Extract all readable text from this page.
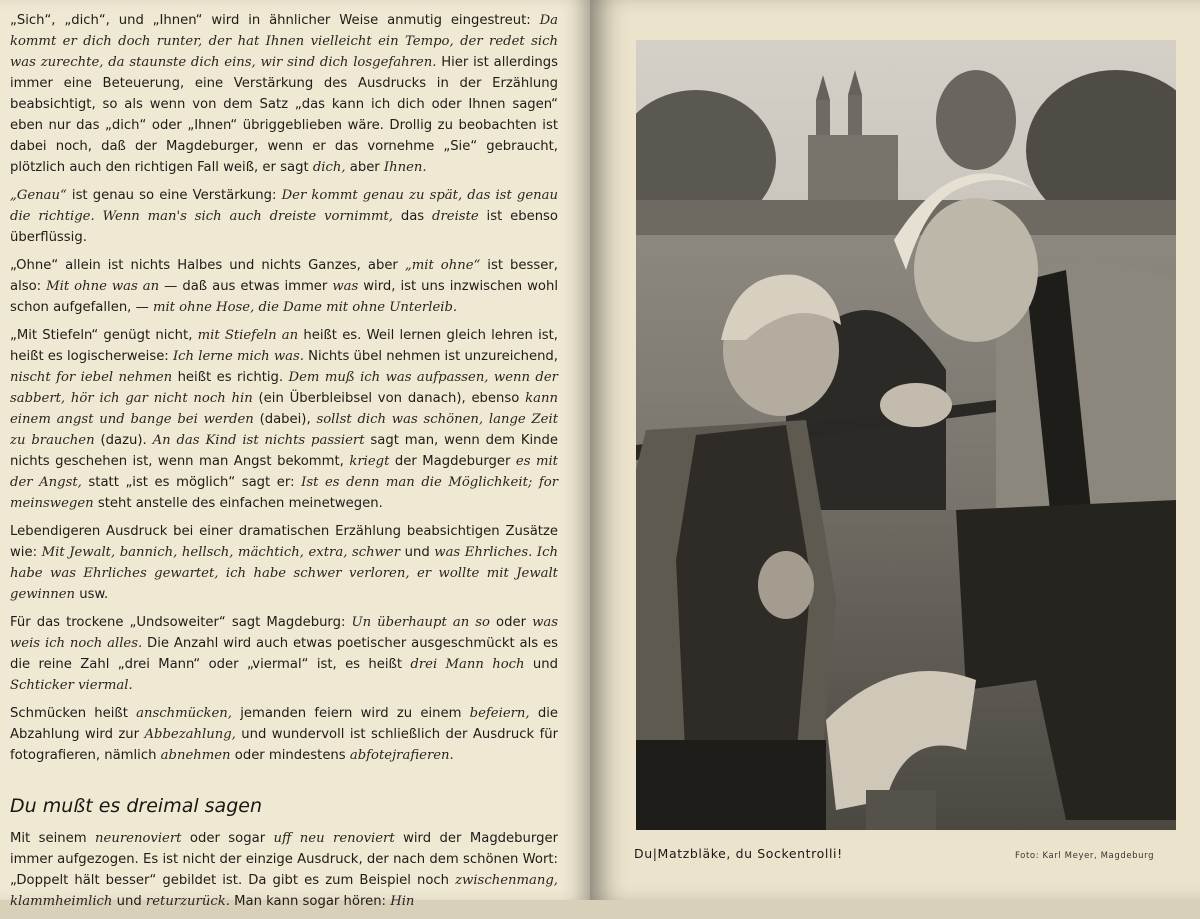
„Sich“, „dich“, und „Ihnen“ wird in ähnlicher Weise anmutig eingestreut: Da kommt er dich doch runter, der hat Ihnen vielleicht ein Tempo, der redet sich was zurechte, da staunste dich eins, wir sind dich losgefahren. Hier ist allerdings immer eine Beteuerung, eine Verstärkung des Ausdrucks in der Erzählung beabsichtigt, so als wenn von dem Satz „das kann ich dich oder Ihnen sagen“ eben nur das „dich“ oder „Ihnen“ übriggeblieben wäre. Drollig zu beobachten ist dabei noch, daß der Magdeburger, wenn er das vornehme „Sie“ gebraucht, plötzlich auch den richtigen Fall weiß, er sagt dich, aber Ihnen.
„Genau“ ist genau so eine Verstärkung: Der kommt genau zu spät, das ist genau die richtige. Wenn man's sich auch dreiste vornimmt, das dreiste ist ebenso überflüssig.
„Ohne“ allein ist nichts Halbes und nichts Ganzes, aber „mit ohne“ ist besser, also: Mit ohne was an — daß aus etwas immer was wird, ist uns inzwischen wohl schon aufgefallen, — mit ohne Hose, die Dame mit ohne Unterleib.
„Mit Stiefeln“ genügt nicht, mit Stiefeln an heißt es. Weil lernen gleich lehren ist, heißt es logischerweise: Ich lerne mich was. Nichts übel nehmen ist unzureichend, nischt for iebel nehmen heißt es richtig. Dem muß ich was aufpassen, wenn der sabbert, hör ich gar nicht noch hin (ein Überbleibsel von danach), ebenso kann einem angst und bange bei werden (dabei), sollst dich was schönen, lange Zeit zu brauchen (dazu). An das Kind ist nichts passiert sagt man, wenn dem Kinde nichts geschehen ist, wenn man Angst bekommt, kriegt der Magdeburger es mit der Angst, statt „ist es möglich“ sagt er: Ist es denn man die Möglichkeit; for meinswegen steht anstelle des einfachen meinetwegen.
Lebendigeren Ausdruck bei einer dramatischen Erzählung beabsichtigen Zusätze wie: Mit Jewalt, bannich, hellsch, mächtich, extra, schwer und was Ehrliches. Ich habe was Ehrliches gewartet, ich habe schwer verloren, er wollte mit Jewalt gewinnen usw.
Für das trockene „Undsoweiter“ sagt Magdeburg: Un überhaupt an so oder was weis ich noch alles. Die Anzahl wird auch etwas poetischer ausgeschmückt als es die reine Zahl „drei Mann“ oder „viermal“ ist, es heißt drei Mann hoch und Schticker viermal.
Schmücken heißt anschmücken, jemanden feiern wird zu einem befeiern, die Abzahlung wird zur Abbezahlung, und wundervoll ist schließlich der Ausdruck für fotografieren, nämlich abnehmen oder mindestens abfotejrafieren.
Du mußt es dreimal sagen
Mit seinem neurenoviert oder sogar uff neu renoviert wird der Magdeburger immer aufgezogen. Es ist nicht der einzige Ausdruck, der nach dem schönen Wort: „Doppelt hält besser“ gebildet ist. Da gibt es zum Beispiel noch zwischenmang, klammheimlich und returzurück. Man kann sogar hören: Hin
Du|Matzbläke, du Sockentrolli!	Foto: Karl Meyer, Magdeburg
